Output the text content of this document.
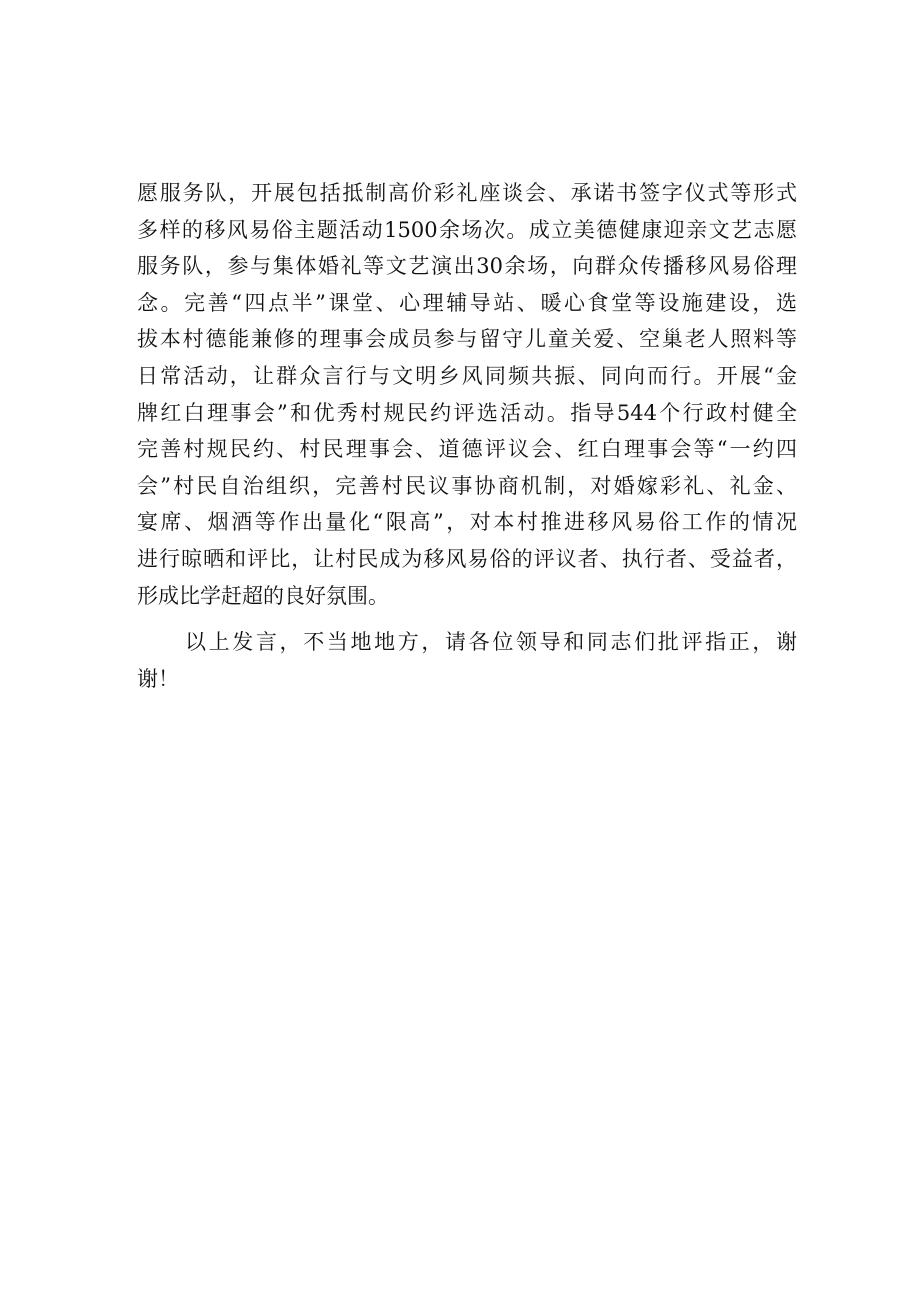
愿服务队，开展包括抵制高价彩礼座谈会、承诺书签字仪式等形式
多样的移风易俗主题活动1500余场次。成立美德健康迎亲文艺志愿
服务队，参与集体婚礼等文艺演出30余场，向群众传播移风易俗理
念。完善“四点半”课堂、心理辅导站、暖心食堂等设施建设，选
拔本村德能兼修的理事会成员参与留守儿童关爱、空巢老人照料等
日常活动，让群众言行与文明乡风同频共振、同向而行。开展“金
牌红白理事会”和优秀村规民约评选活动。指导544个行政村健全
完善村规民约、村民理事会、道德评议会、红白理事会等“一约四
会”村民自治组织，完善村民议事协商机制，对婚嫁彩礼、礼金、
宴席、烟酒等作出量化“限高”，对本村推进移风易俗工作的情况
进行晾晒和评比，让村民成为移风易俗的评议者、执行者、受益者，
形成比学赶超的良好氛围。
以上发言，不当地地方，请各位领导和同志们批评指正，谢
谢！
